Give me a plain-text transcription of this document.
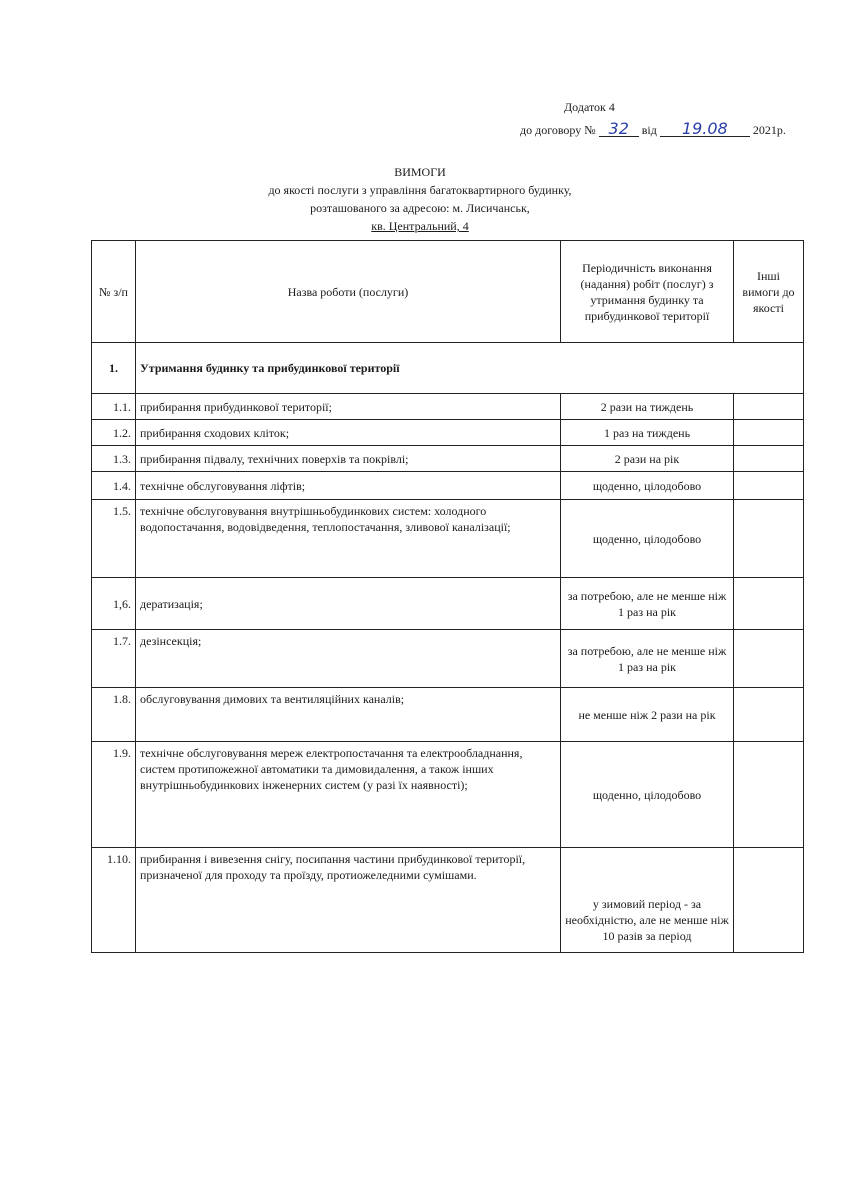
Додаток 4
до договору № 32 від 19.08 2021р.
ВИМОГИ
до якості послуги з управління багатоквартирного будинку,
розташованого за адресою: м. Лисичанськ,
кв. Центральний, 4
№ з/п	Назва роботи (послуги)	Періодичність виконання (надання) робіт (послуг) з утримання будинку та прибудинкової території	Інші вимоги до якості
1.	Утримання будинку та прибудинкової території		
1.1.	прибирання прибудинкової території;	2 рази на тиждень	
1.2.	прибирання сходових кліток;	1 раз на тиждень	
1.3.	прибирання підвалу, технічних поверхів та покрівлі;	2 рази на рік	
1.4.	технічне обслуговування ліфтів;	щоденно, цілодобово	
1.5.	технічне обслуговування внутрішньобудинкових систем: холодного водопостачання, водовідведення, теплопостачання, зливової каналізації;	щоденно, цілодобово	
1,6.	дератизація;	за потребою, але не менше ніж 1 раз на рік	
1.7.	дезінсекція;	за потребою, але не менше ніж 1 раз на рік	
1.8.	обслуговування димових та вентиляційних каналів;	не менше ніж 2 рази на рік	
1.9.	технічне обслуговування мереж електропостачання та електрообладнання, систем протипожежної автоматики та димовидалення, а також інших внутрішньобудинкових інженерних систем (у разі їх наявності);	щоденно, цілодобово	
1.10.	прибирання і вивезення снігу, посипання частини прибудинкової території, призначеної для проходу та проїзду, протиожеледними сумішами.	у зимовий період - за необхідністю, але не менше ніж 10 разів за період	
